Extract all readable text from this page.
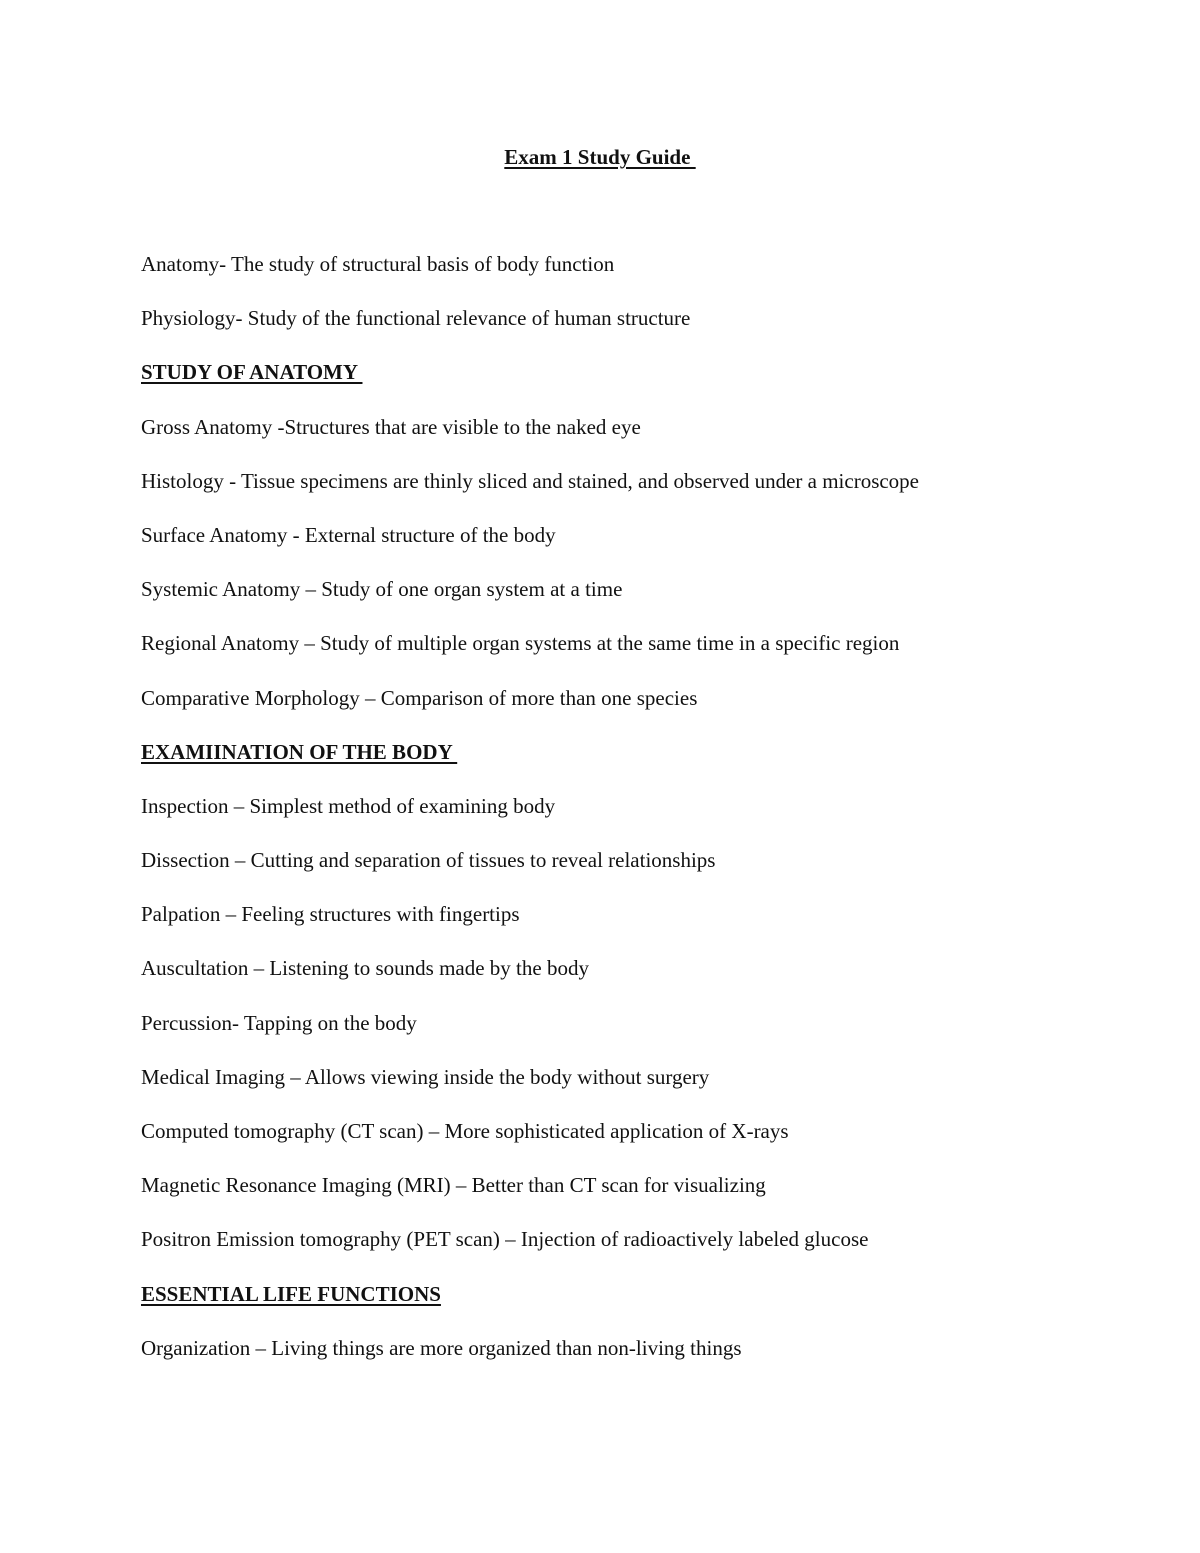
Exam 1 Study Guide

Anatomy- The study of structural basis of body function

Physiology- Study of the functional relevance of human structure

STUDY OF ANATOMY

Gross Anatomy -Structures that are visible to the naked eye

Histology - Tissue specimens are thinly sliced and stained, and observed under a microscope

Surface Anatomy - External structure of the body

Systemic Anatomy – Study of one organ system at a time

Regional Anatomy – Study of multiple organ systems at the same time in a specific region

Comparative Morphology – Comparison of more than one species

EXAMIINATION OF THE BODY

Inspection – Simplest method of examining body

Dissection – Cutting and separation of tissues to reveal relationships

Palpation – Feeling structures with fingertips

Auscultation – Listening to sounds made by the body

Percussion- Tapping on the body

Medical Imaging – Allows viewing inside the body without surgery

Computed tomography (CT scan) – More sophisticated application of X-rays

Magnetic Resonance Imaging (MRI) – Better than CT scan for visualizing

Positron Emission tomography (PET scan) – Injection of radioactively labeled glucose

ESSENTIAL LIFE FUNCTIONS

Organization – Living things are more organized than non-living things
